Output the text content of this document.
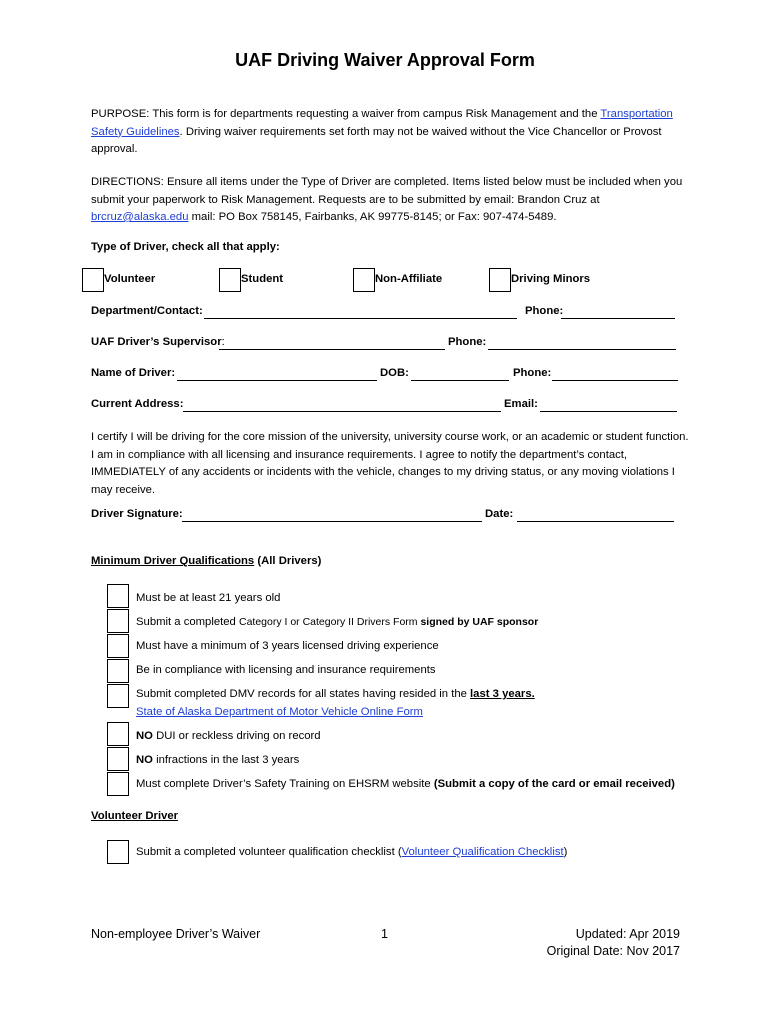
UAF Driving Waiver Approval Form
PURPOSE: This form is for departments requesting a waiver from campus Risk Management and the Transportation Safety Guidelines. Driving waiver requirements set forth may not be waived without the Vice Chancellor or Provost approval.
DIRECTIONS: Ensure all items under the Type of Driver are completed. Items listed below must be included when you submit your paperwork to Risk Management. Requests are to be submitted by email: Brandon Cruz at brcruz@alaska.edu mail: PO Box 758145, Fairbanks, AK 99775-8145; or Fax: 907-474-5489.
Type of Driver, check all that apply:
Volunteer	Student	Non-Affiliate	Driving Minors
Department/Contact:	Phone:
UAF Driver’s Supervisor:	Phone:
Name of Driver:	DOB:	Phone:
Current Address:	Email:
I certify I will be driving for the core mission of the university, university course work, or an academic or student function. I am in compliance with all licensing and insurance requirements. I agree to notify the department’s contact, IMMEDIATELY of any accidents or incidents with the vehicle, changes to my driving status, or any moving violations I may receive.
Driver Signature:	Date:
Minimum Driver Qualifications (All Drivers)
Must be at least 21 years old
Submit a completed Category I or Category II Drivers Form signed by UAF sponsor
Must have a minimum of 3 years licensed driving experience
Be in compliance with licensing and insurance requirements
Submit completed DMV records for all states having resided in the last 3 years.
State of Alaska Department of Motor Vehicle Online Form
NO DUI or reckless driving on record
NO infractions in the last 3 years
Must complete Driver’s Safety Training on EHSRM website (Submit a copy of the card or email received)
Volunteer Driver
Submit a completed volunteer qualification checklist (Volunteer Qualification Checklist)
Non-employee Driver’s Waiver	1	Updated: Apr 2019
Original Date: Nov 2017
